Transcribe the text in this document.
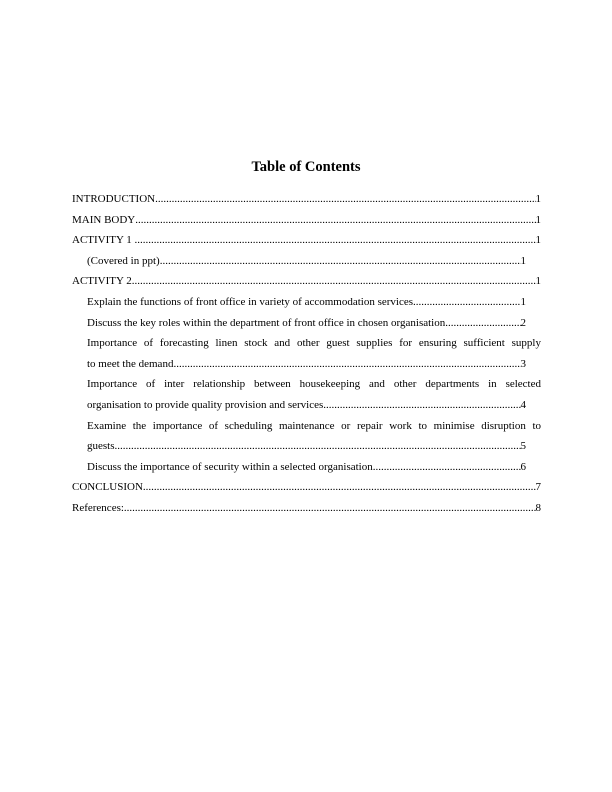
Table of Contents
INTRODUCTION .....	1
MAIN BODY .....	1
ACTIVITY 1 .....	1
(Covered in ppt) .....	1
ACTIVITY 2 .....	1
Explain the functions of front office in variety of accommodation services .....	1
Discuss the key roles within the department of front office in chosen organisation .....	2
Importance of forecasting linen stock and other guest supplies for ensuring sufficient supply
to meet the demand .....	3
Importance of inter relationship between housekeeping and other departments in selected
organisation to provide quality provision and services .....	4
Examine the importance of scheduling maintenance or repair work to minimise disruption to
guests .....	5
Discuss the importance of security within a selected organisation .....	6
CONCLUSION .....	7
References: .....	8
